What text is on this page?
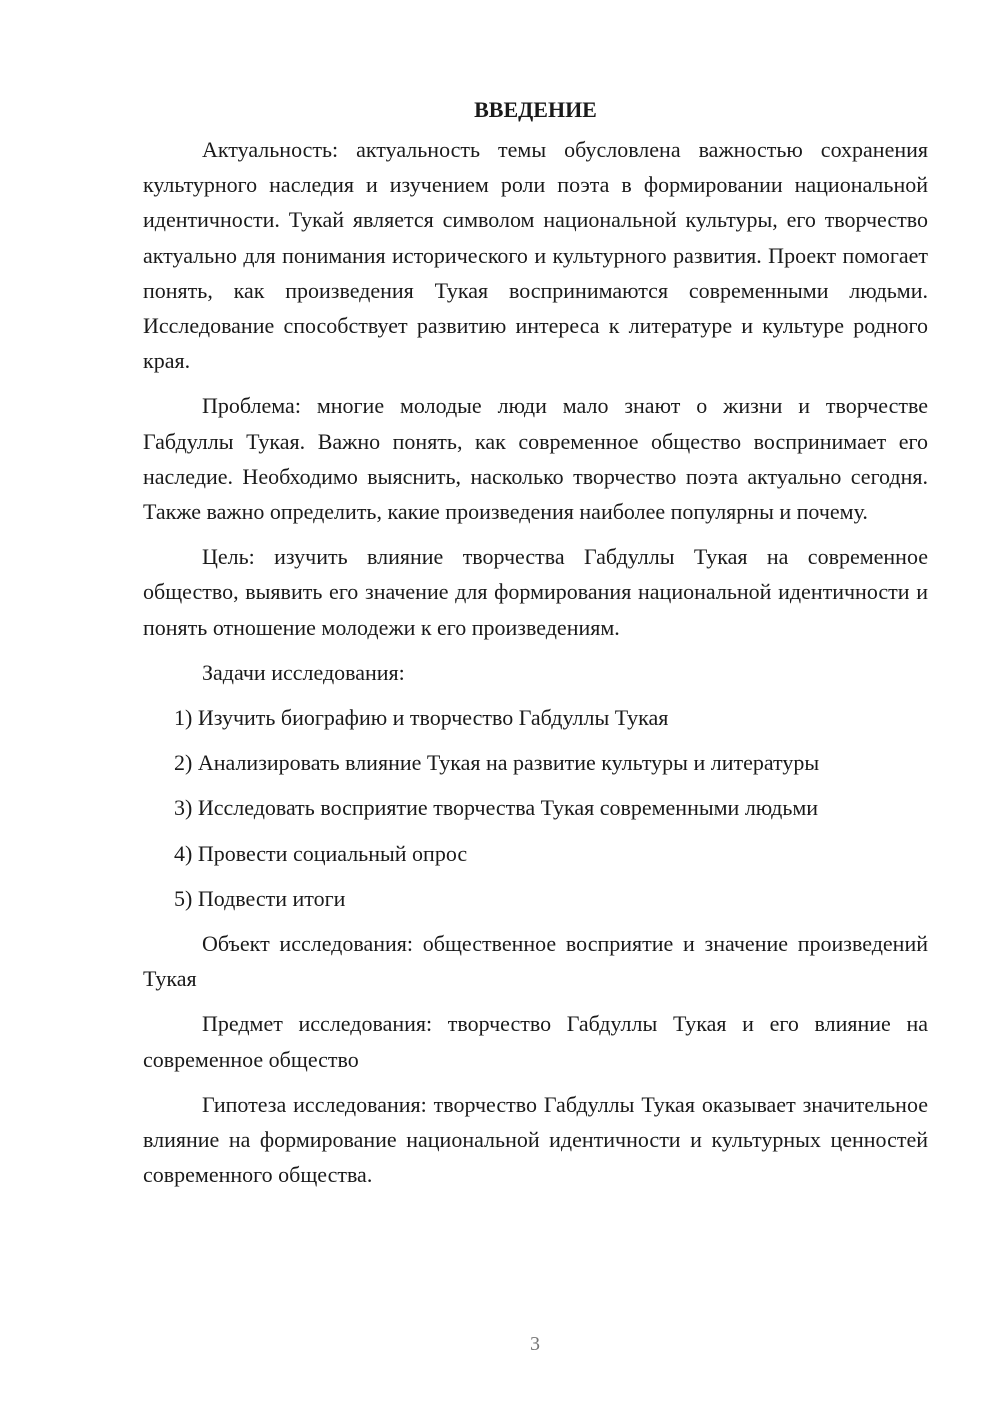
ВВЕДЕНИЕ

Актуальность: актуальность темы обусловлена важностью сохранения культурного наследия и изучением роли поэта в формировании национальной идентичности. Тукай является символом национальной культуры, его творчество актуально для понимания исторического и культурного развития. Проект помогает понять, как произведения Тукая воспринимаются современными людьми. Исследование способствует развитию интереса к литературе и культуре родного края.

Проблема: многие молодые люди мало знают о жизни и творчестве Габдуллы Тукая. Важно понять, как современное общество воспринимает его наследие. Необходимо выяснить, насколько творчество поэта актуально сегодня. Также важно определить, какие произведения наиболее популярны и почему.

Цель: изучить влияние творчества Габдуллы Тукая на современное общество, выявить его значение для формирования национальной идентичности и понять отношение молодежи к его произведениям.

Задачи исследования:

1) Изучить биографию и творчество Габдуллы Тукая
2) Анализировать влияние Тукая на развитие культуры и литературы
3) Исследовать восприятие творчества Тукая современными людьми
4) Провести социальный опрос
5) Подвести итоги

Объект исследования: общественное восприятие и значение произведений Тукая

Предмет исследования: творчество Габдуллы Тукая и его влияние на современное общество

Гипотеза исследования: творчество Габдуллы Тукая оказывает значительное влияние на формирование национальной идентичности и культурных ценностей современного общества.

3
